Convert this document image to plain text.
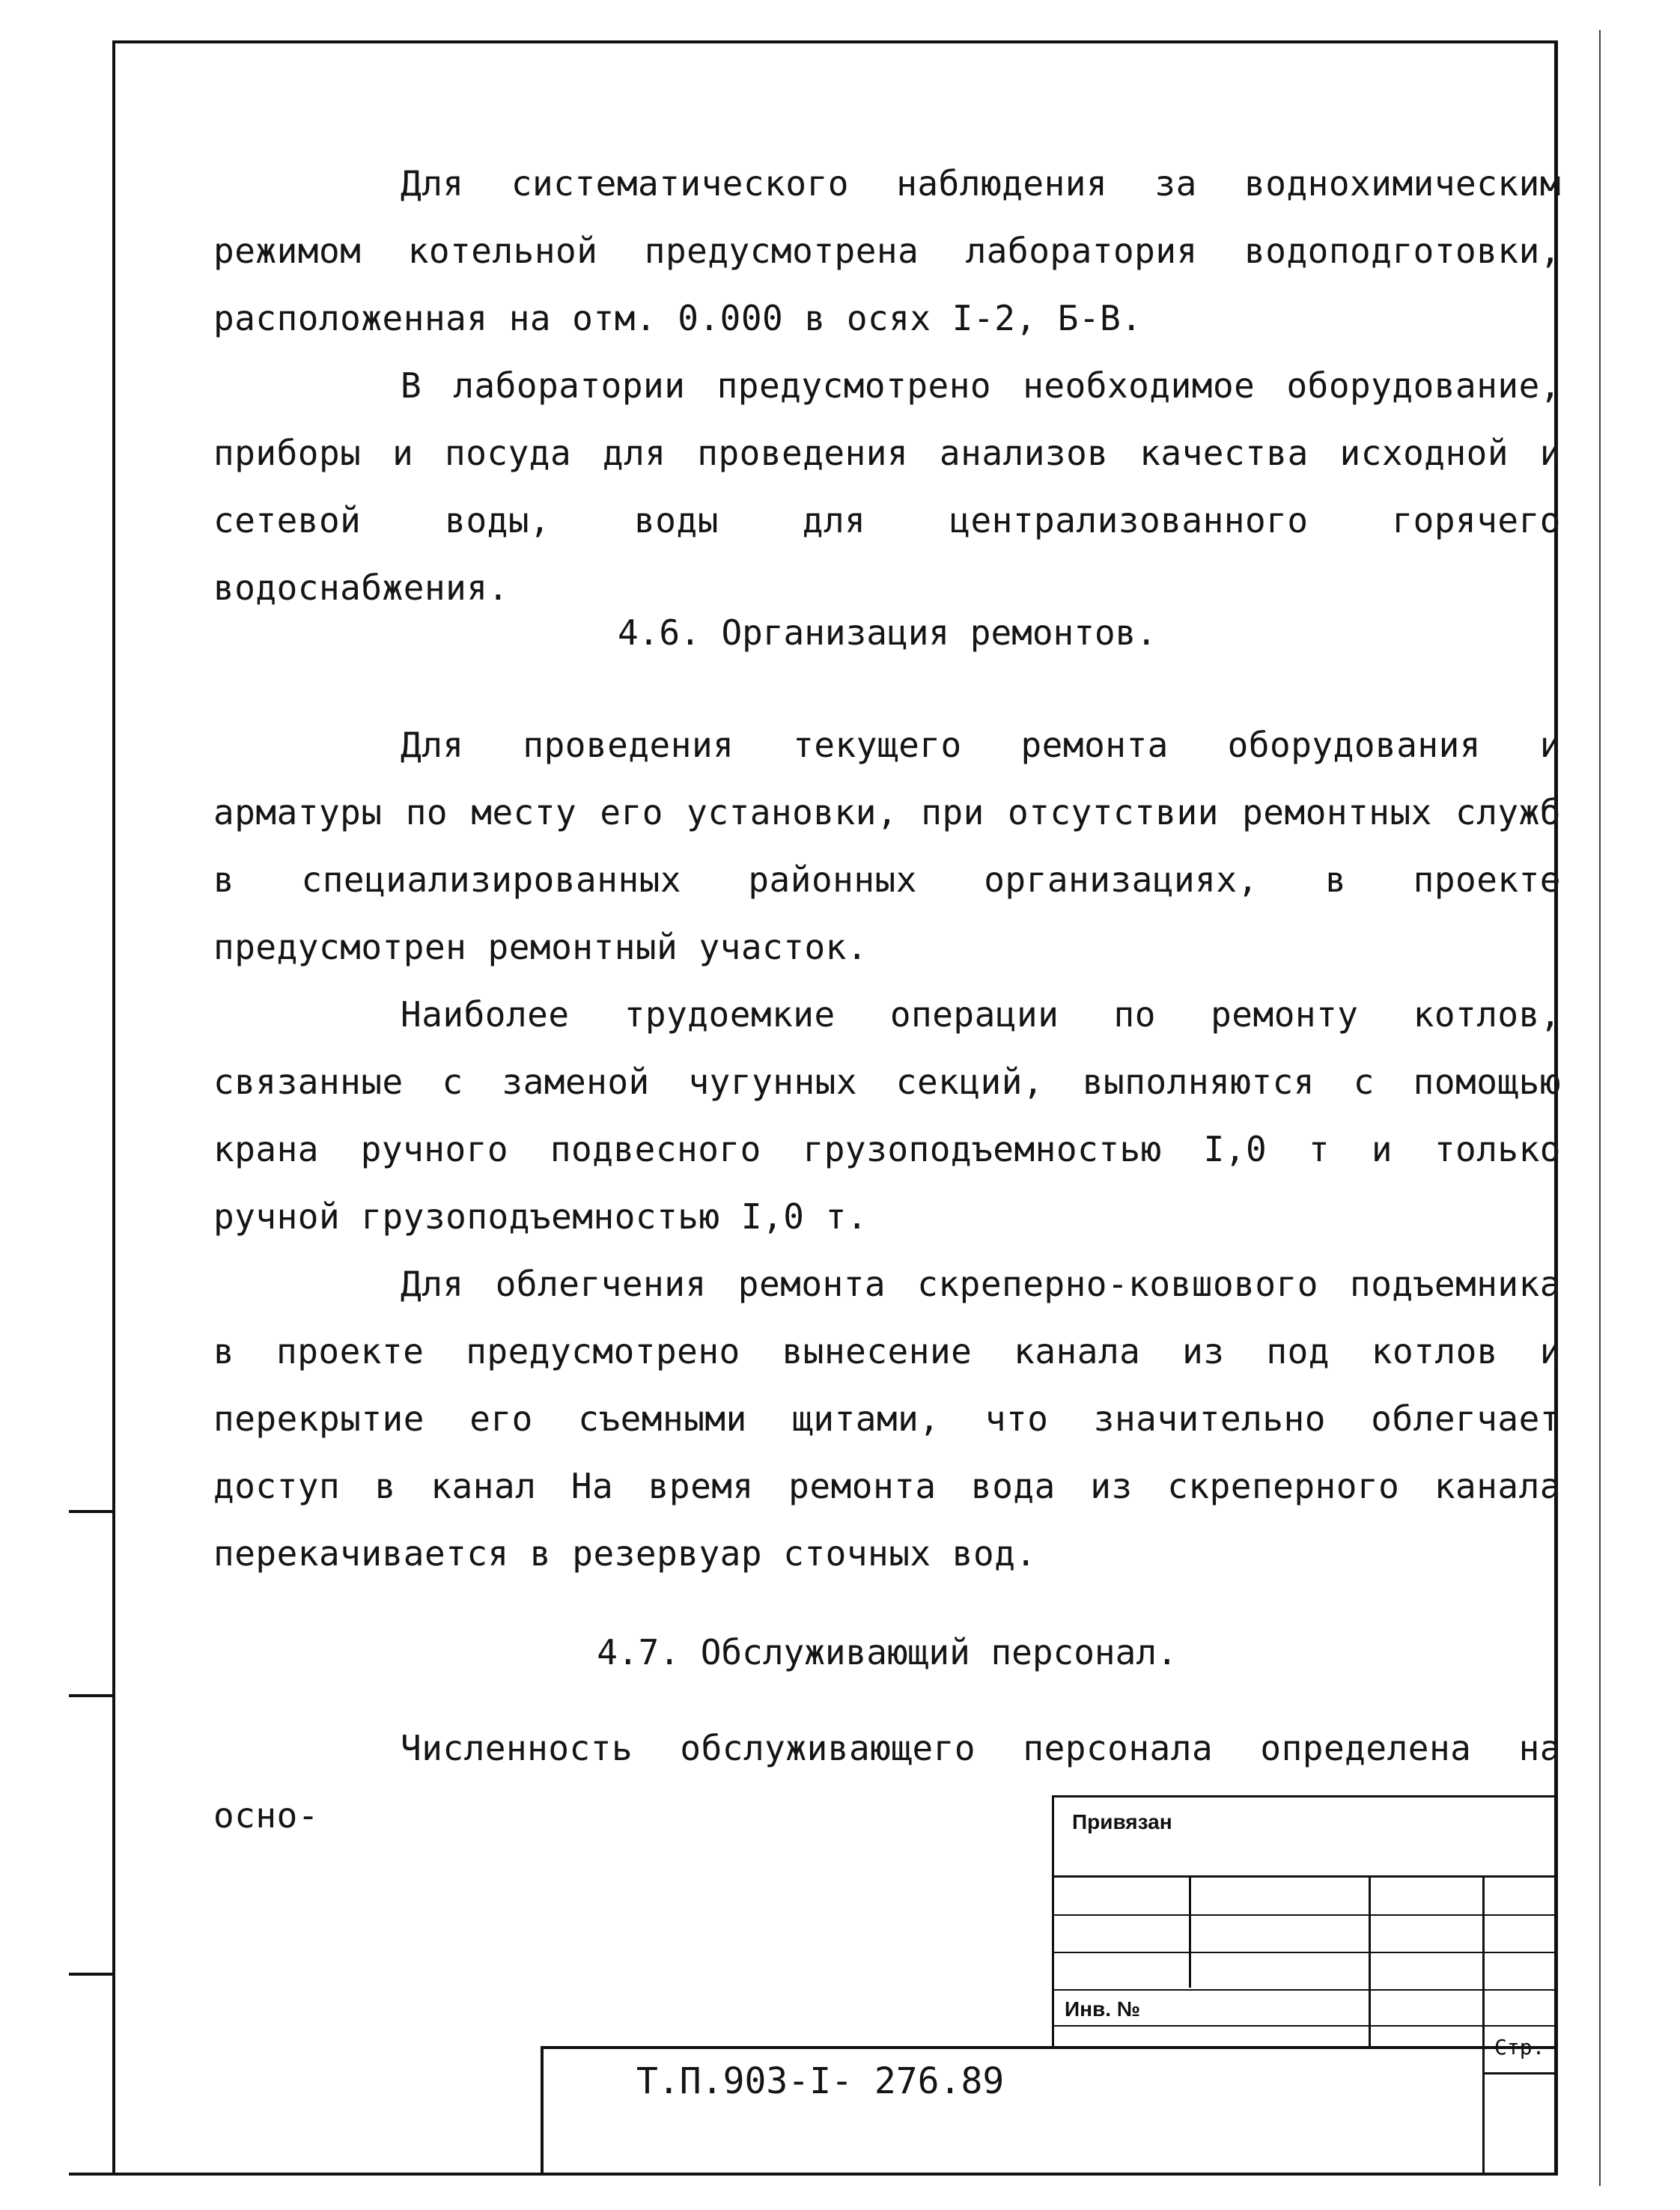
Для систематического наблюдения за воднохимическим режимом котельной предусмотрена лаборатория водоподготовки, расположенная на отм. 0.000 в осях I-2, Б-В.

В лаборатории предусмотрено необходимое оборудование, приборы и посуда для проведения анализов качества исходной и сетевой воды, воды для централизованного горячего водоснабжения.

4.6. Организация ремонтов.

Для проведения текущего ремонта оборудования и арматуры по месту его установки, при отсутствии ремонтных служб в специализированных районных организациях, в проекте предусмотрен ремонтный участок.

Наиболее трудоемкие операции по ремонту котлов, связанные с заменой чугунных секций, выполняются с помощью крана ручного подвесного грузоподъемностью I,0 т и только ручной грузоподъемностью I,0 т.

Для облегчения ремонта скреперно-ковшового подъемника в проекте предусмотрено вынесение канала из под котлов и перекрытие его съемными щитами, что значительно облегчает доступ в канал На время ремонта вода из скреперного канала перекачивается в резервуар сточных вод.

4.7. Обслуживающий персонал.

Численность обслуживающего персонала определена на осно-	Привязан
Инв. №
Стр.
Т.П.903-I- 276.89
